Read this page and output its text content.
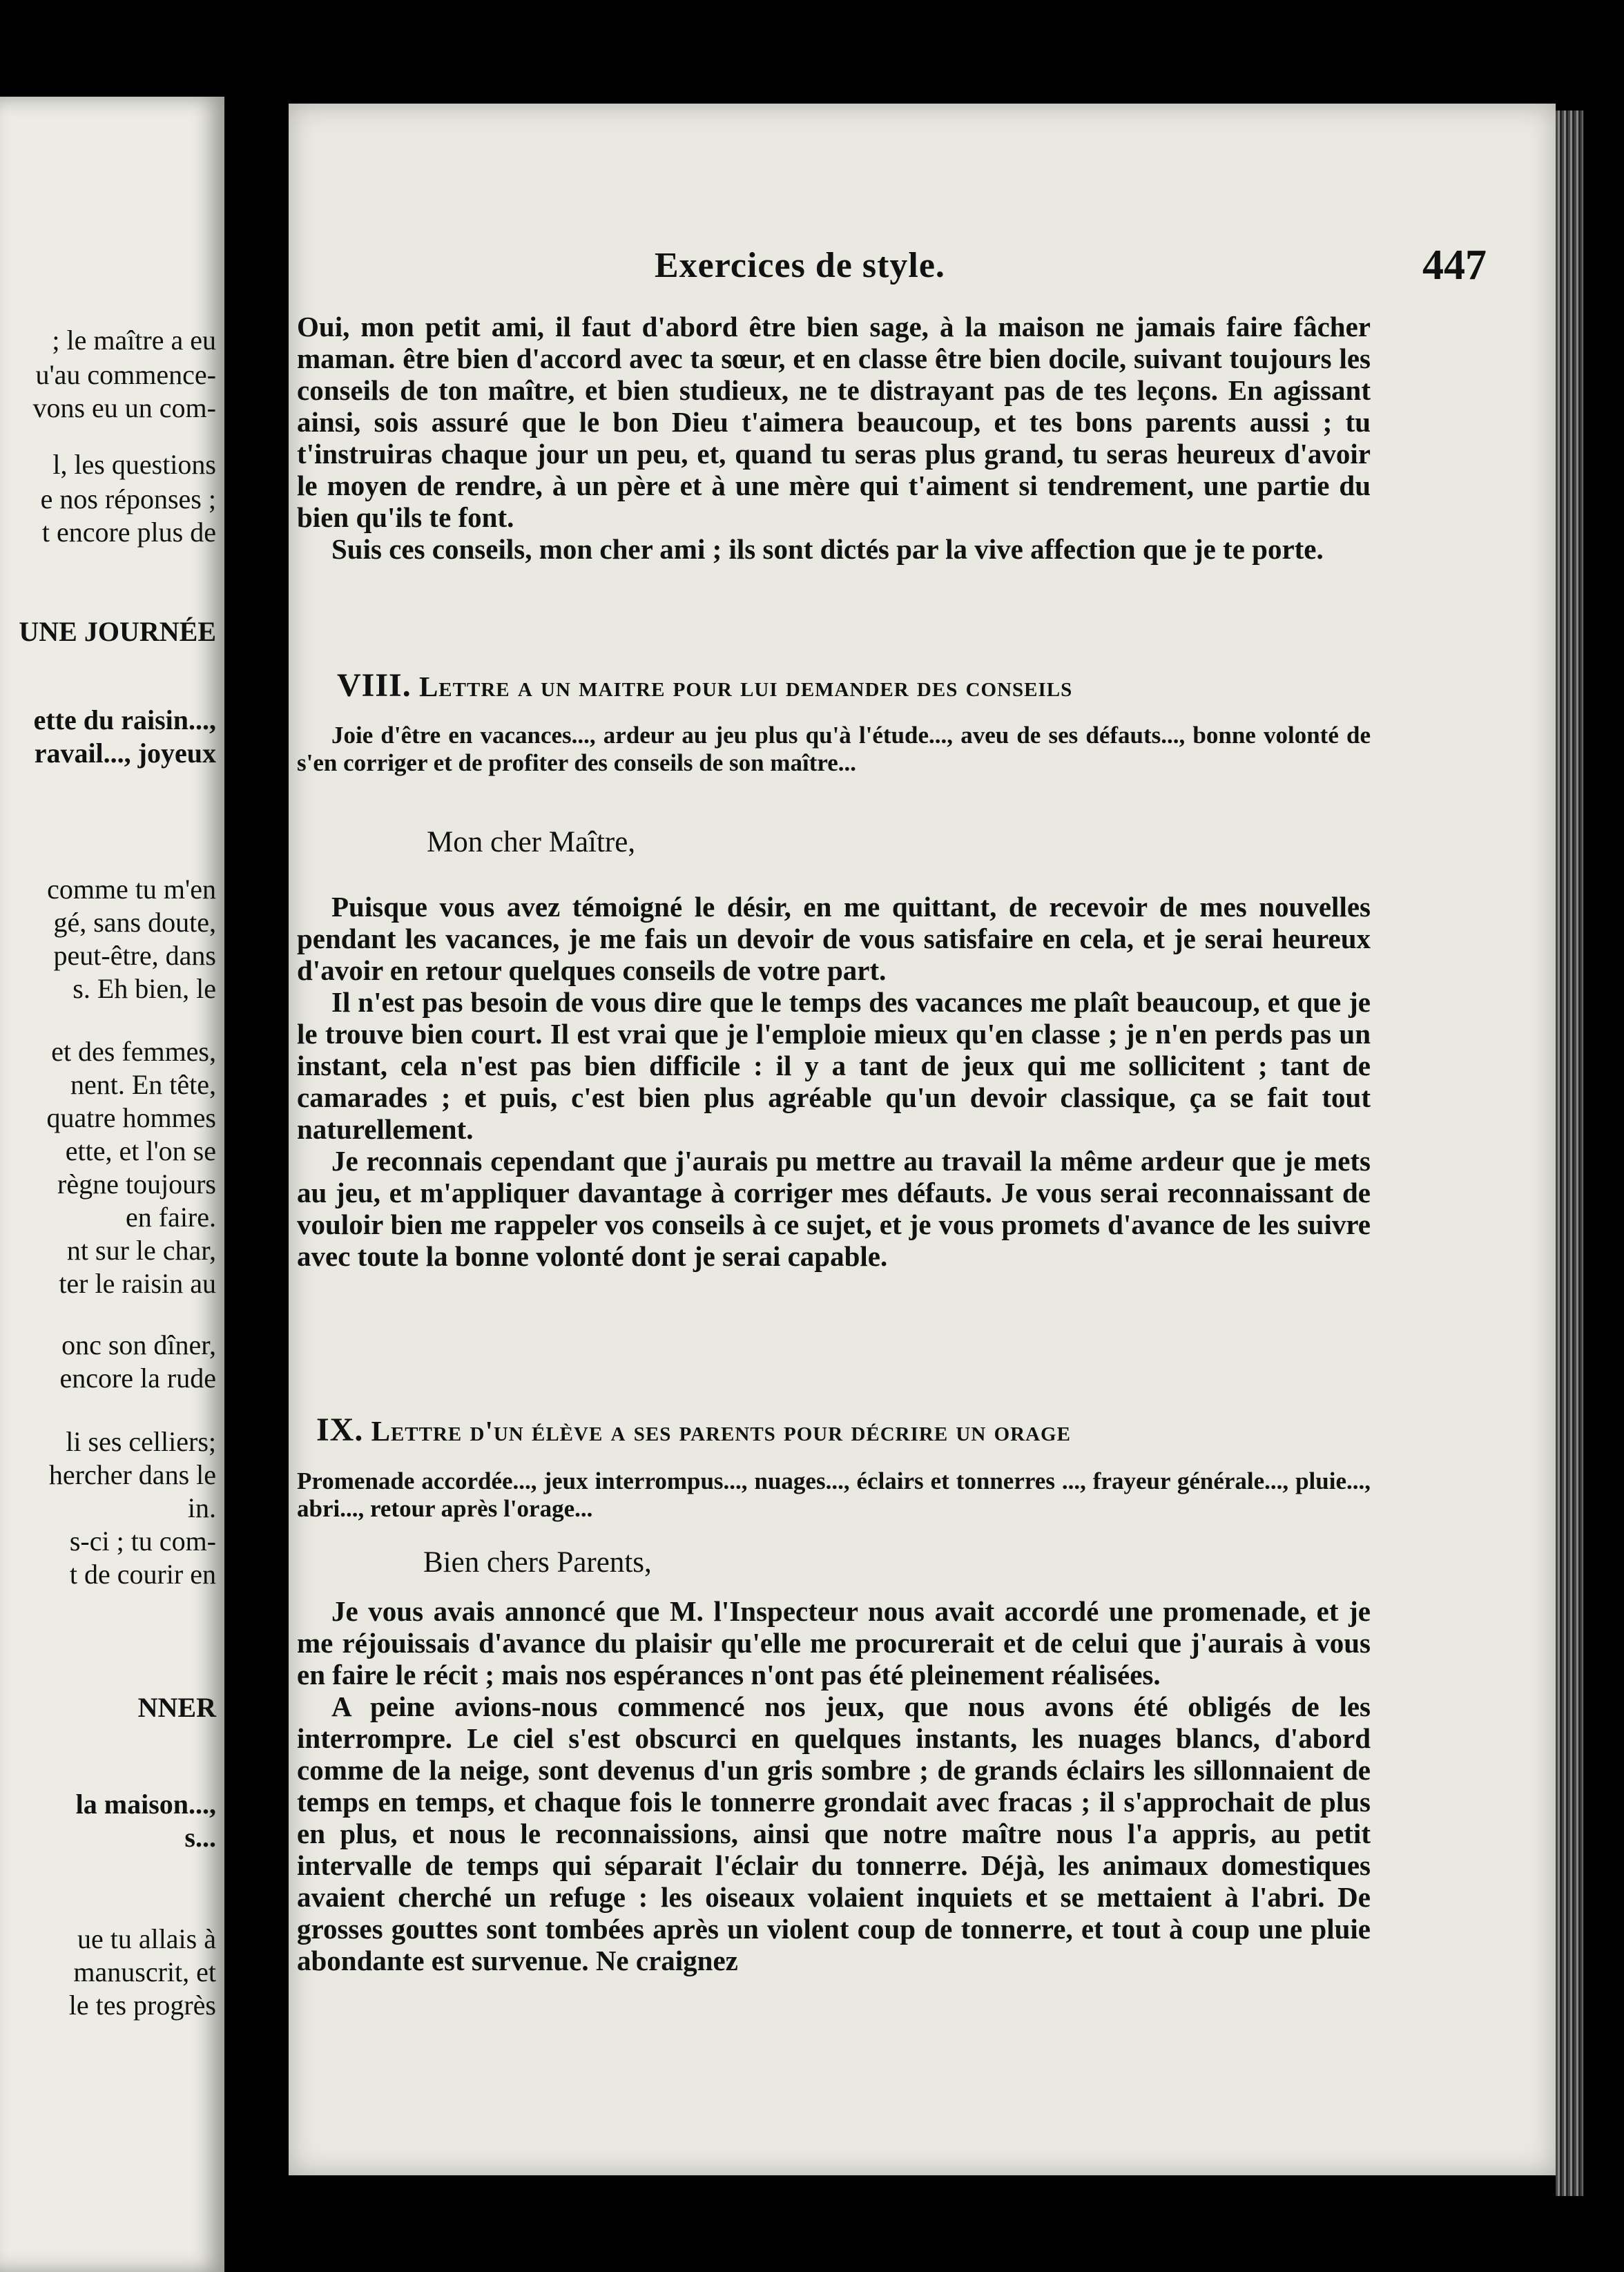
; le maître a eu
u'au commence-
vons eu un com-
l, les questions
e nos réponses ;
t encore plus de
UNE JOURNÉE
ette du raisin...,
ravail..., joyeux
comme tu m'en
gé, sans doute,
peut-être, dans
s. Eh bien, le
et des femmes,
nent. En tête,
quatre hommes
ette, et l'on se
règne toujours
en faire.
nt sur le char,
ter le raisin au
onc son dîner,
encore la rude
li ses celliers;
hercher dans le
in.
s-ci ; tu com-
t de courir en
NNER
la maison...,
s...
ue tu allais à
manuscrit, et
le tes progrès
Exercices de style.	447

Oui, mon petit ami, il faut d'abord être bien sage, à la maison ne jamais faire fâcher maman. être bien d'accord avec ta sœur, et en classe être bien docile, suivant toujours les conseils de ton maître, et bien studieux, ne te distrayant pas de tes leçons. En agissant ainsi, sois assuré que le bon Dieu t'aimera beaucoup, et tes bons parents aussi ; tu t'instruiras chaque jour un peu, et, quand tu seras plus grand, tu seras heureux d'avoir le moyen de rendre, à un père et à une mère qui t'aiment si tendrement, une partie du bien qu'ils te font.

Suis ces conseils, mon cher ami ; ils sont dictés par la vive affection que je te porte.

VIII. Lettre a un maitre pour lui demander des conseils
Joie d'être en vacances..., ardeur au jeu plus qu'à l'étude..., aveu de ses défauts..., bonne volonté de s'en corriger et de profiter des conseils de son maître...
Mon cher Maître,

Puisque vous avez témoigné le désir, en me quittant, de recevoir de mes nouvelles pendant les vacances, je me fais un devoir de vous satisfaire en cela, et je serai heureux d'avoir en retour quelques conseils de votre part.

Il n'est pas besoin de vous dire que le temps des vacances me plaît beaucoup, et que je le trouve bien court. Il est vrai que je l'emploie mieux qu'en classe ; je n'en perds pas un instant, cela n'est pas bien difficile : il y a tant de jeux qui me sollicitent ; tant de camarades ; et puis, c'est bien plus agréable qu'un devoir classique, ça se fait tout naturellement.

Je reconnais cependant que j'aurais pu mettre au travail la même ardeur que je mets au jeu, et m'appliquer davantage à corriger mes défauts. Je vous serai reconnaissant de vouloir bien me rappeler vos conseils à ce sujet, et je vous promets d'avance de les suivre avec toute la bonne volonté dont je serai capable.

IX. Lettre d'un élève a ses parents pour décrire un orage
Promenade accordée..., jeux interrompus..., nuages..., éclairs et tonnerres ..., frayeur générale..., pluie..., abri..., retour après l'orage...
Bien chers Parents,

Je vous avais annoncé que M. l'Inspecteur nous avait accordé une promenade, et je me réjouissais d'avance du plaisir qu'elle me procurerait et de celui que j'aurais à vous en faire le récit ; mais nos espérances n'ont pas été pleinement réalisées.

A peine avions-nous commencé nos jeux, que nous avons été obligés de les interrompre. Le ciel s'est obscurci en quelques instants, les nuages blancs, d'abord comme de la neige, sont devenus d'un gris sombre ; de grands éclairs les sillonnaient de temps en temps, et chaque fois le tonnerre grondait avec fracas ; il s'approchait de plus en plus, et nous le reconnaissions, ainsi que notre maître nous l'a appris, au petit intervalle de temps qui séparait l'éclair du tonnerre. Déjà, les animaux domestiques avaient cherché un refuge : les oiseaux volaient inquiets et se mettaient à l'abri. De grosses gouttes sont tombées après un violent coup de tonnerre, et tout à coup une pluie abondante est survenue. Ne craignez
